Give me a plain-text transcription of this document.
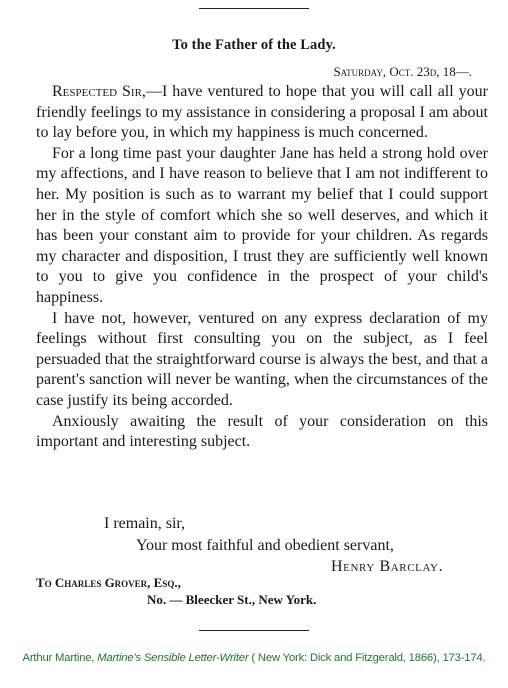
To the Father of the Lady.
Saturday, Oct. 23d, 18—.

Respected Sir,—I have ventured to hope that you will call all your friendly feelings to my assistance in considering a proposal I am about to lay before you, in which my happiness is much concerned.

For a long time past your daughter Jane has held a strong hold over my affections, and I have reason to believe that I am not indifferent to her. My position is such as to warrant my belief that I could support her in the style of comfort which she so well deserves, and which it has been your constant aim to provide for your children. As regards my character and disposition, I trust they are sufficiently well known to you to give you confidence in the prospect of your child's happiness.

I have not, however, ventured on any express declaration of my feelings without first consulting you on the subject, as I feel persuaded that the straightforward course is always the best, and that a parent's sanction will never be wanting, when the circumstances of the case justify its being accorded.

Anxiously awaiting the result of your consideration on this important and interesting subject.

I remain, sir,
Your most faithful and obedient servant,
Henry Barclay.
To Charles Grover, Esq.,
No. — Bleecker St., New York.
Arthur Martine, Martine's Sensible Letter-Writer ( New York: Dick and Fitzgerald, 1866), 173-174.
